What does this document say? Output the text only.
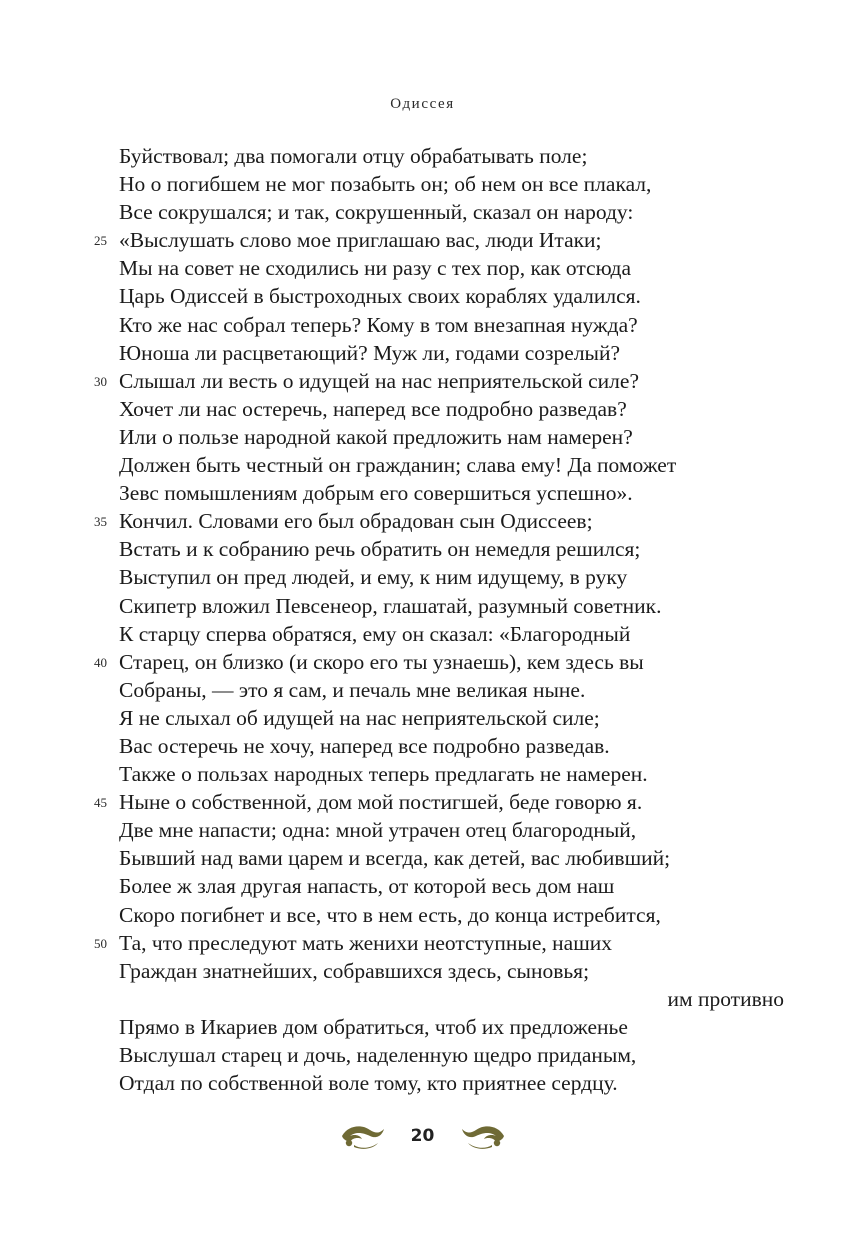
Одиссея
Буйствовал; два помогали отцу обрабатывать поле;
Но о погибшем не мог позабыть он; об нем он все плакал,
Все сокрушался; и так, сокрушенный, сказал он народу:
25 «Выслушать слово мое приглашаю вас, люди Итаки;
Мы на совет не сходились ни разу с тех пор, как отсюда
Царь Одиссей в быстроходных своих кораблях удалился.
Кто же нас собрал теперь? Кому в том внезапная нужда?
Юноша ли расцветающий? Муж ли, годами созрелый?
30 Слышал ли весть о идущей на нас неприятельской силе?
Хочет ли нас остеречь, наперед все подробно разведав?
Или о пользе народной какой предложить нам намерен?
Должен быть честный он гражданин; слава ему! Да поможет
Зевс помышлениям добрым его совершиться успешно».
35 Кончил. Словами его был обрадован сын Одиссеев;
Встать и к собранию речь обратить он немедля решился;
Выступил он пред людей, и ему, к ним идущему, в руку
Скипетр вложил Певсенеор, глашатай, разумный советник.
К старцу сперва обратяся, ему он сказал: «Благородный
40 Старец, он близко (и скоро его ты узнаешь), кем здесь вы
Собраны, — это я сам, и печаль мне великая ныне.
Я не слыхал об идущей на нас неприятельской силе;
Вас остеречь не хочу, наперед все подробно разведав.
Также о пользах народных теперь предлагать не намерен.
45 Ныне о собственной, дом мой постигшей, беде говорю я.
Две мне напасти; одна: мной утрачен отец благородный,
Бывший над вами царем и всегда, как детей, вас любивший;
Более ж злая другая напасть, от которой весь дом наш
Скоро погибнет и все, что в нем есть, до конца истребится,
50 Та, что преследуют мать женихи неотступные, наших
Граждан знатнейших, собравшихся здесь, сыновья;
им противно
Прямо в Икариев дом обратиться, чтоб их предложенье
Выслушал старец и дочь, наделенную щедро приданым,
Отдал по собственной воле тому, кто приятнее сердцу.
20
